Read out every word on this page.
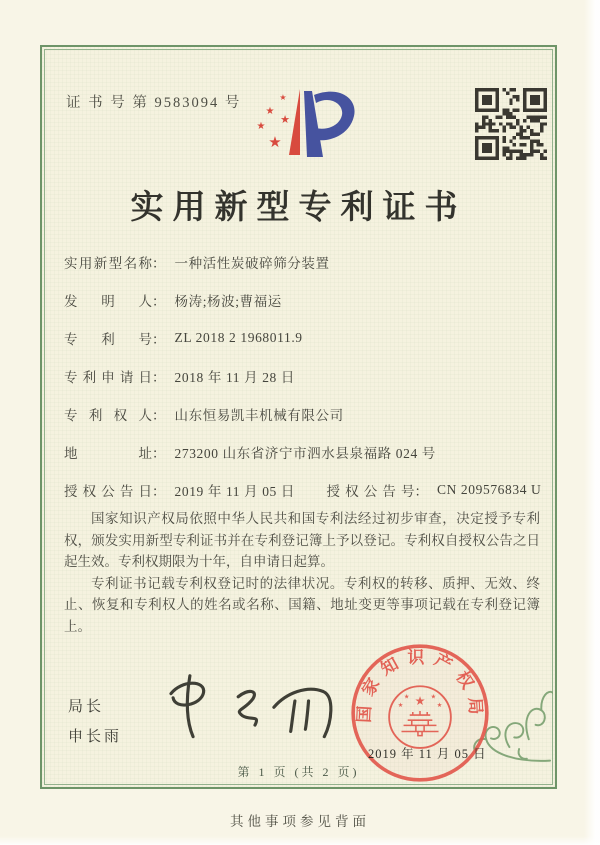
证 书 号 第 9583094 号	★
★
★
★
★
实用新型专利证书
实用新型名称 ： 一种活性炭破碎筛分装置
发明人 ： 杨涛;杨波;曹福运
专利号 ： ZL 2018 2 1968011.9
专利申请日 ： 2018 年 11 月 28 日
专利权人 ： 山东恒易凯丰机械有限公司
地址 ： 273200 山东省济宁市泗水县泉福路 024 号
授权公告日 ： 2019 年 11 月 05 日	授权公告号 ： CN 209576834 U

国家知识产权局依照中华人民共和国专利法经过初步审查，决定授予专利权，颁发实用新型专利证书并在专利登记簿上予以登记。专利权自授权公告之日起生效。专利权期限为十年，自申请日起算。

专利证书记载专利权登记时的法律状况。专利权的转移、质押、无效、终止、恢复和专利权人的姓名或名称、国籍、地址变更等事项记载在专利登记簿上。

局长
申长雨
国家知识产权局
★
★	★
★	★
2019 年 11 月 05 日
第 1 页 (共 2 页)
其他事项参见背面
